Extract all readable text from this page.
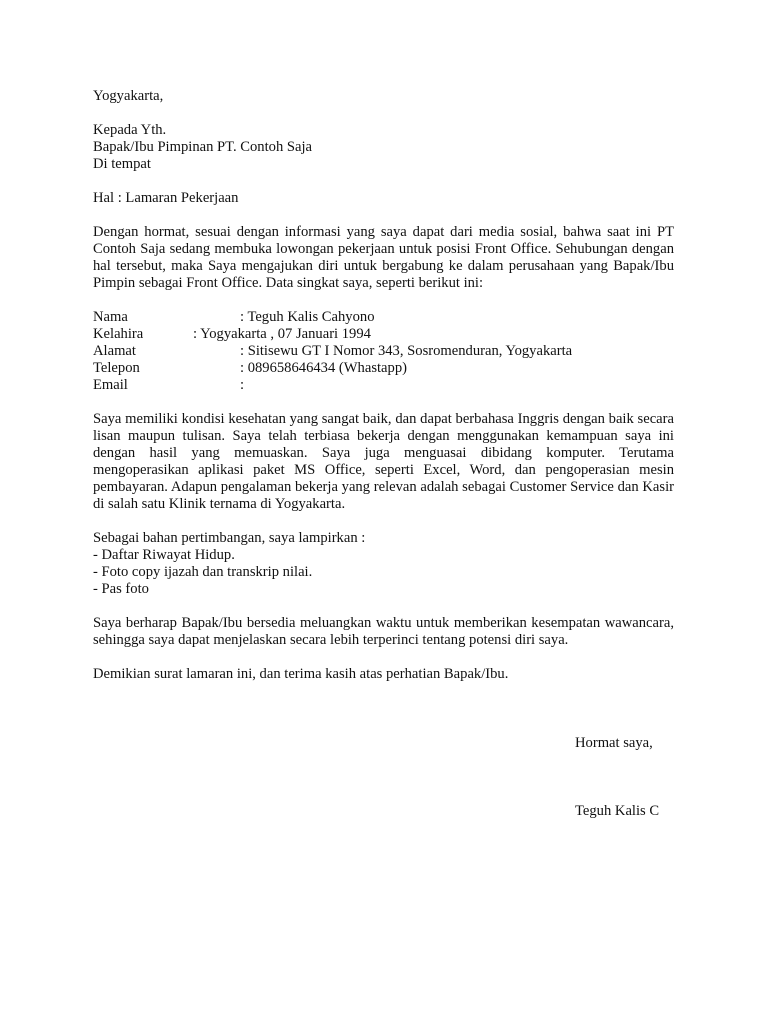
Yogyakarta,

Kepada Yth.
Bapak/Ibu Pimpinan PT. Contoh Saja
Di tempat

Hal : Lamaran Pekerjaan

Dengan hormat, sesuai dengan informasi yang saya dapat dari media sosial, bahwa saat ini PT Contoh Saja sedang membuka lowongan pekerjaan untuk posisi Front Office. Sehubungan dengan hal tersebut, maka Saya mengajukan diri untuk bergabung ke dalam perusahaan yang Bapak/Ibu Pimpin sebagai Front Office. Data singkat saya, seperti berikut ini:

Nama

	: Teguh Kalis Cahyono

Kelahira

	: Yogyakarta , 07 Januari 1994

Alamat

	: Sitisewu GT I Nomor 343, Sosromenduran, Yogyakarta

Telepon

	: 089658646434 (Whastapp)

Email

	:

Saya memiliki kondisi kesehatan yang sangat baik, dan dapat berbahasa Inggris dengan baik secara lisan maupun tulisan. Saya telah terbiasa bekerja dengan menggunakan kemampuan saya ini dengan hasil yang memuaskan. Saya juga menguasai dibidang komputer. Terutama mengoperasikan aplikasi paket MS Office, seperti Excel, Word, dan pengoperasian mesin pembayaran. Adapun pengalaman bekerja yang relevan adalah sebagai Customer Service dan Kasir di salah satu Klinik ternama di Yogyakarta.

Sebagai bahan pertimbangan, saya lampirkan :
- Daftar Riwayat Hidup.
- Foto copy ijazah dan transkrip nilai.
- Pas foto

Saya berharap Bapak/Ibu bersedia meluangkan waktu untuk memberikan kesempatan wawancara, sehingga saya dapat menjelaskan secara lebih terperinci tentang potensi diri saya.

Demikian surat lamaran ini, dan terima kasih atas perhatian Bapak/Ibu.

Hormat saya,
Teguh Kalis C
